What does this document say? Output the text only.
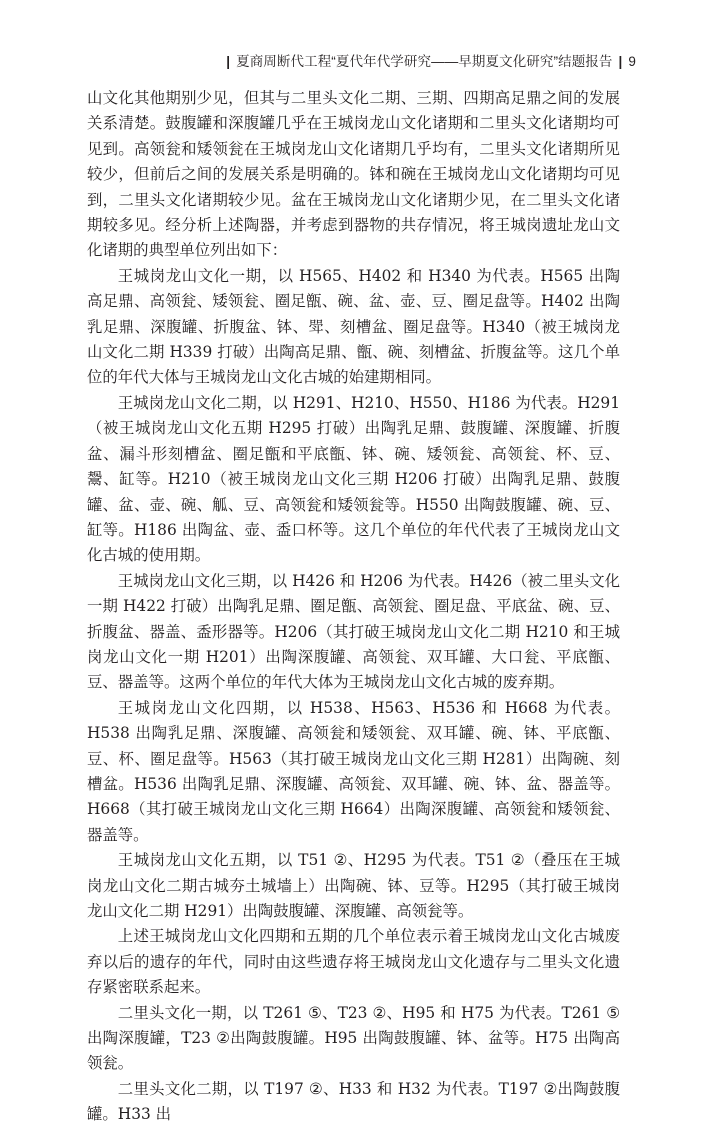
| 夏商周断代工程“夏代年代学研究——早期夏文化研究”结题报告 | 9

山文化其他期别少见，但其与二里头文化二期、三期、四期高足鼎之间的发展关系清楚。鼓腹罐和深腹罐几乎在王城岗龙山文化诸期和二里头文化诸期均可见到。高领瓮和矮领瓮在王城岗龙山文化诸期几乎均有，二里头文化诸期所见较少，但前后之间的发展关系是明确的。钵和碗在王城岗龙山文化诸期均可见到，二里头文化诸期较少见。盆在王城岗龙山文化诸期少见，在二里头文化诸期较多见。经分析上述陶器，并考虑到器物的共存情况，将王城岗遗址龙山文化诸期的典型单位列出如下：

王城岗龙山文化一期，以 H565、H402 和 H340 为代表。H565 出陶高足鼎、高领瓮、矮领瓮、圈足甑、碗、盆、壶、豆、圈足盘等。H402 出陶乳足鼎、深腹罐、折腹盆、钵、斝、刻槽盆、圈足盘等。H340（被王城岗龙山文化二期 H339 打破）出陶高足鼎、甑、碗、刻槽盆、折腹盆等。这几个单位的年代大体与王城岗龙山文化古城的始建期相同。

王城岗龙山文化二期，以 H291、H210、H550、H186 为代表。H291（被王城岗龙山文化五期 H295 打破）出陶乳足鼎、鼓腹罐、深腹罐、折腹盆、漏斗形刻槽盆、圈足甑和平底甑、钵、碗、矮领瓮、高领瓮、杯、豆、鬶、缸等。H210（被王城岗龙山文化三期 H206 打破）出陶乳足鼎、鼓腹罐、盆、壶、碗、觚、豆、高领瓮和矮领瓮等。H550 出陶鼓腹罐、碗、豆、缸等。H186 出陶盆、壶、盉口杯等。这几个单位的年代代表了王城岗龙山文化古城的使用期。

王城岗龙山文化三期，以 H426 和 H206 为代表。H426（被二里头文化一期 H422 打破）出陶乳足鼎、圈足甑、高领瓮、圈足盘、平底盆、碗、豆、折腹盆、器盖、盉形器等。H206（其打破王城岗龙山文化二期 H210 和王城岗龙山文化一期 H201）出陶深腹罐、高领瓮、双耳罐、大口瓮、平底甑、豆、器盖等。这两个单位的年代大体为王城岗龙山文化古城的废弃期。

王城岗龙山文化四期，以 H538、H563、H536 和 H668 为代表。H538 出陶乳足鼎、深腹罐、高领瓮和矮领瓮、双耳罐、碗、钵、平底甑、豆、杯、圈足盘等。H563（其打破王城岗龙山文化三期 H281）出陶碗、刻槽盆。H536 出陶乳足鼎、深腹罐、高领瓮、双耳罐、碗、钵、盆、器盖等。H668（其打破王城岗龙山文化三期 H664）出陶深腹罐、高领瓮和矮领瓮、器盖等。

王城岗龙山文化五期，以 T51 ②、H295 为代表。T51 ②（叠压在王城岗龙山文化二期古城夯土城墙上）出陶碗、钵、豆等。H295（其打破王城岗龙山文化二期 H291）出陶鼓腹罐、深腹罐、高领瓮等。

上述王城岗龙山文化四期和五期的几个单位表示着王城岗龙山文化古城废弃以后的遗存的年代，同时由这些遗存将王城岗龙山文化遗存与二里头文化遗存紧密联系起来。

二里头文化一期，以 T261 ⑤、T23 ②、H95 和 H75 为代表。T261 ⑤出陶深腹罐，T23 ②出陶鼓腹罐。H95 出陶鼓腹罐、钵、盆等。H75 出陶高领瓮。

二里头文化二期，以 T197 ②、H33 和 H32 为代表。T197 ②出陶鼓腹罐。H33 出
